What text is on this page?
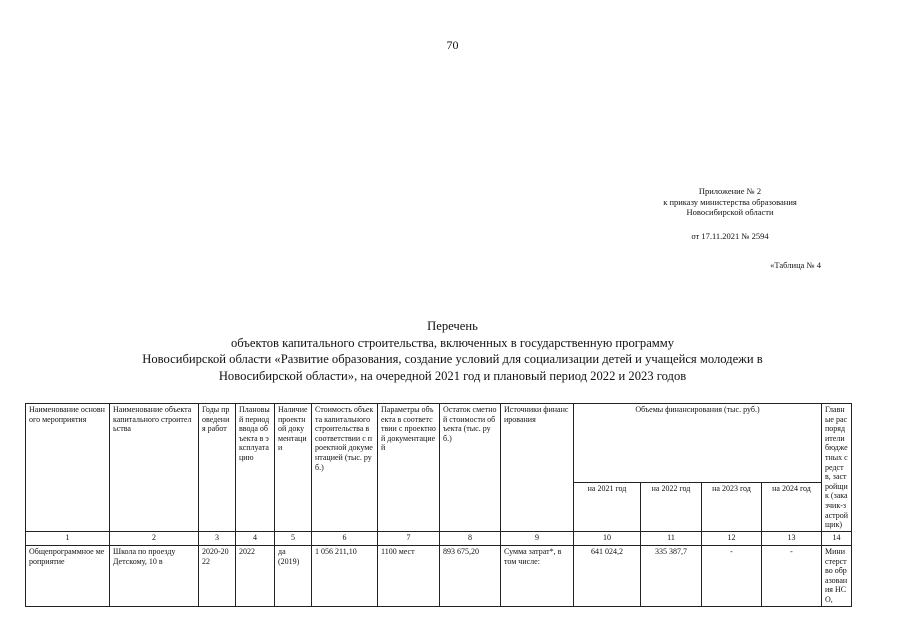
70
Приложение № 2
к приказу министерства образования
Новосибирской области
от 17.11.2021 № 2594
«Таблица № 4
Перечень
объектов капитального строительства, включенных в государственную программу
Новосибирской области «Развитие образования, создание условий для социализации детей и учащейся молодежи в
Новосибирской области», на очередной 2021 год и плановый период 2022 и 2023 годов
Наименование основного мероприятия	Наименование объекта капитального строительства	Годы проведения работ	Плановый период ввода объекта в эксплуатацию	Наличие проектной документации	Стоимость объекта капитального строительства в соответствии с проектной документацией (тыс. руб.)	Параметры объекта в соответствии с проектной документацией	Остаток сметной стоимости объекта (тыс. руб.)	Источники финансирования	Объемы финансирования (тыс. руб.)				Главные распорядители бюджетных средств, застройщик (заказчик-застройщик)
									на 2021 год	на 2022 год	на 2023 год	на 2024 год	
1	2	3	4	5	6	7	8	9	10	11	12	13	14
Общепрограммное мероприятие	Школа по проезду Детскому, 10 в	2020-2022	2022	да (2019)	1 056 211,10	1100 мест	893 675,20	Сумма затрат*, в том числе:	641 024,2	335 387,7	-	-	Министерство образования НСО,
